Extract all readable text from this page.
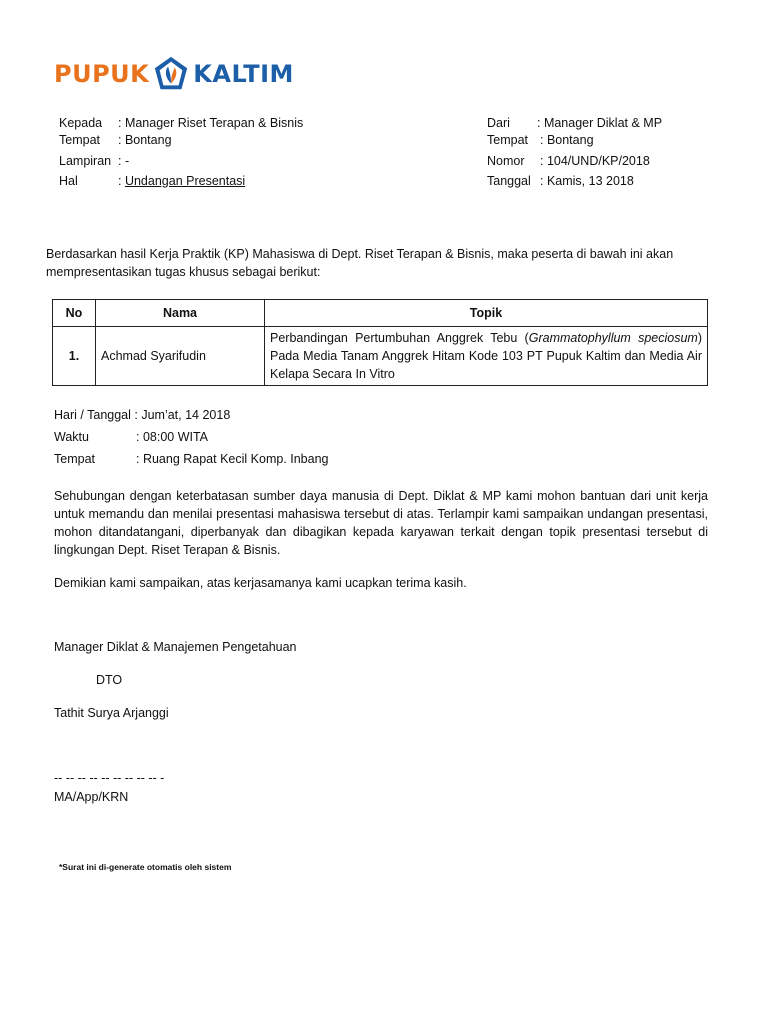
PUPUK KALTIM
Kepada : Manager Riset Terapan & Bisnis
Tempat : Bontang
Lampiran : -
Hal	: Undangan Presentasi
Dari : Manager Diklat & MP
Tempat : Bontang
Nomor : 104/UND/KP/2018
Tanggal : Kamis, 13 2018
Berdasarkan hasil Kerja Praktik (KP) Mahasiswa di Dept. Riset Terapan & Bisnis, maka peserta di bawah ini akan mempresentasikan tugas khusus sebagai berikut:
No	Nama	Topik
1.	Achmad Syarifudin	Perbandingan Pertumbuhan Anggrek Tebu (Grammatophyllum speciosum) Pada Media Tanam Anggrek Hitam Kode 103 PT Pupuk Kaltim dan Media Air Kelapa Secara In Vitro
Hari / Tanggal : Jum’at, 14 2018
Waktu	: 08:00 WITA
Tempat	: Ruang Rapat Kecil Komp. Inbang
Sehubungan dengan keterbatasan sumber daya manusia di Dept. Diklat & MP kami mohon bantuan dari unit kerja untuk memandu dan menilai presentasi mahasiswa tersebut di atas. Terlampir kami sampaikan undangan presentasi, mohon ditandatangani, diperbanyak dan dibagikan kepada karyawan terkait dengan topik presentasi tersebut di lingkungan Dept. Riset Terapan & Bisnis.
Demikian kami sampaikan, atas kerjasamanya kami ucapkan terima kasih.
Manager Diklat & Manajemen Pengetahuan
DTO
Tathit Surya Arjanggi
-- -- -- -- -- -- -- -- -- -
MA/App/KRN
*Surat ini di-generate otomatis oleh sistem
